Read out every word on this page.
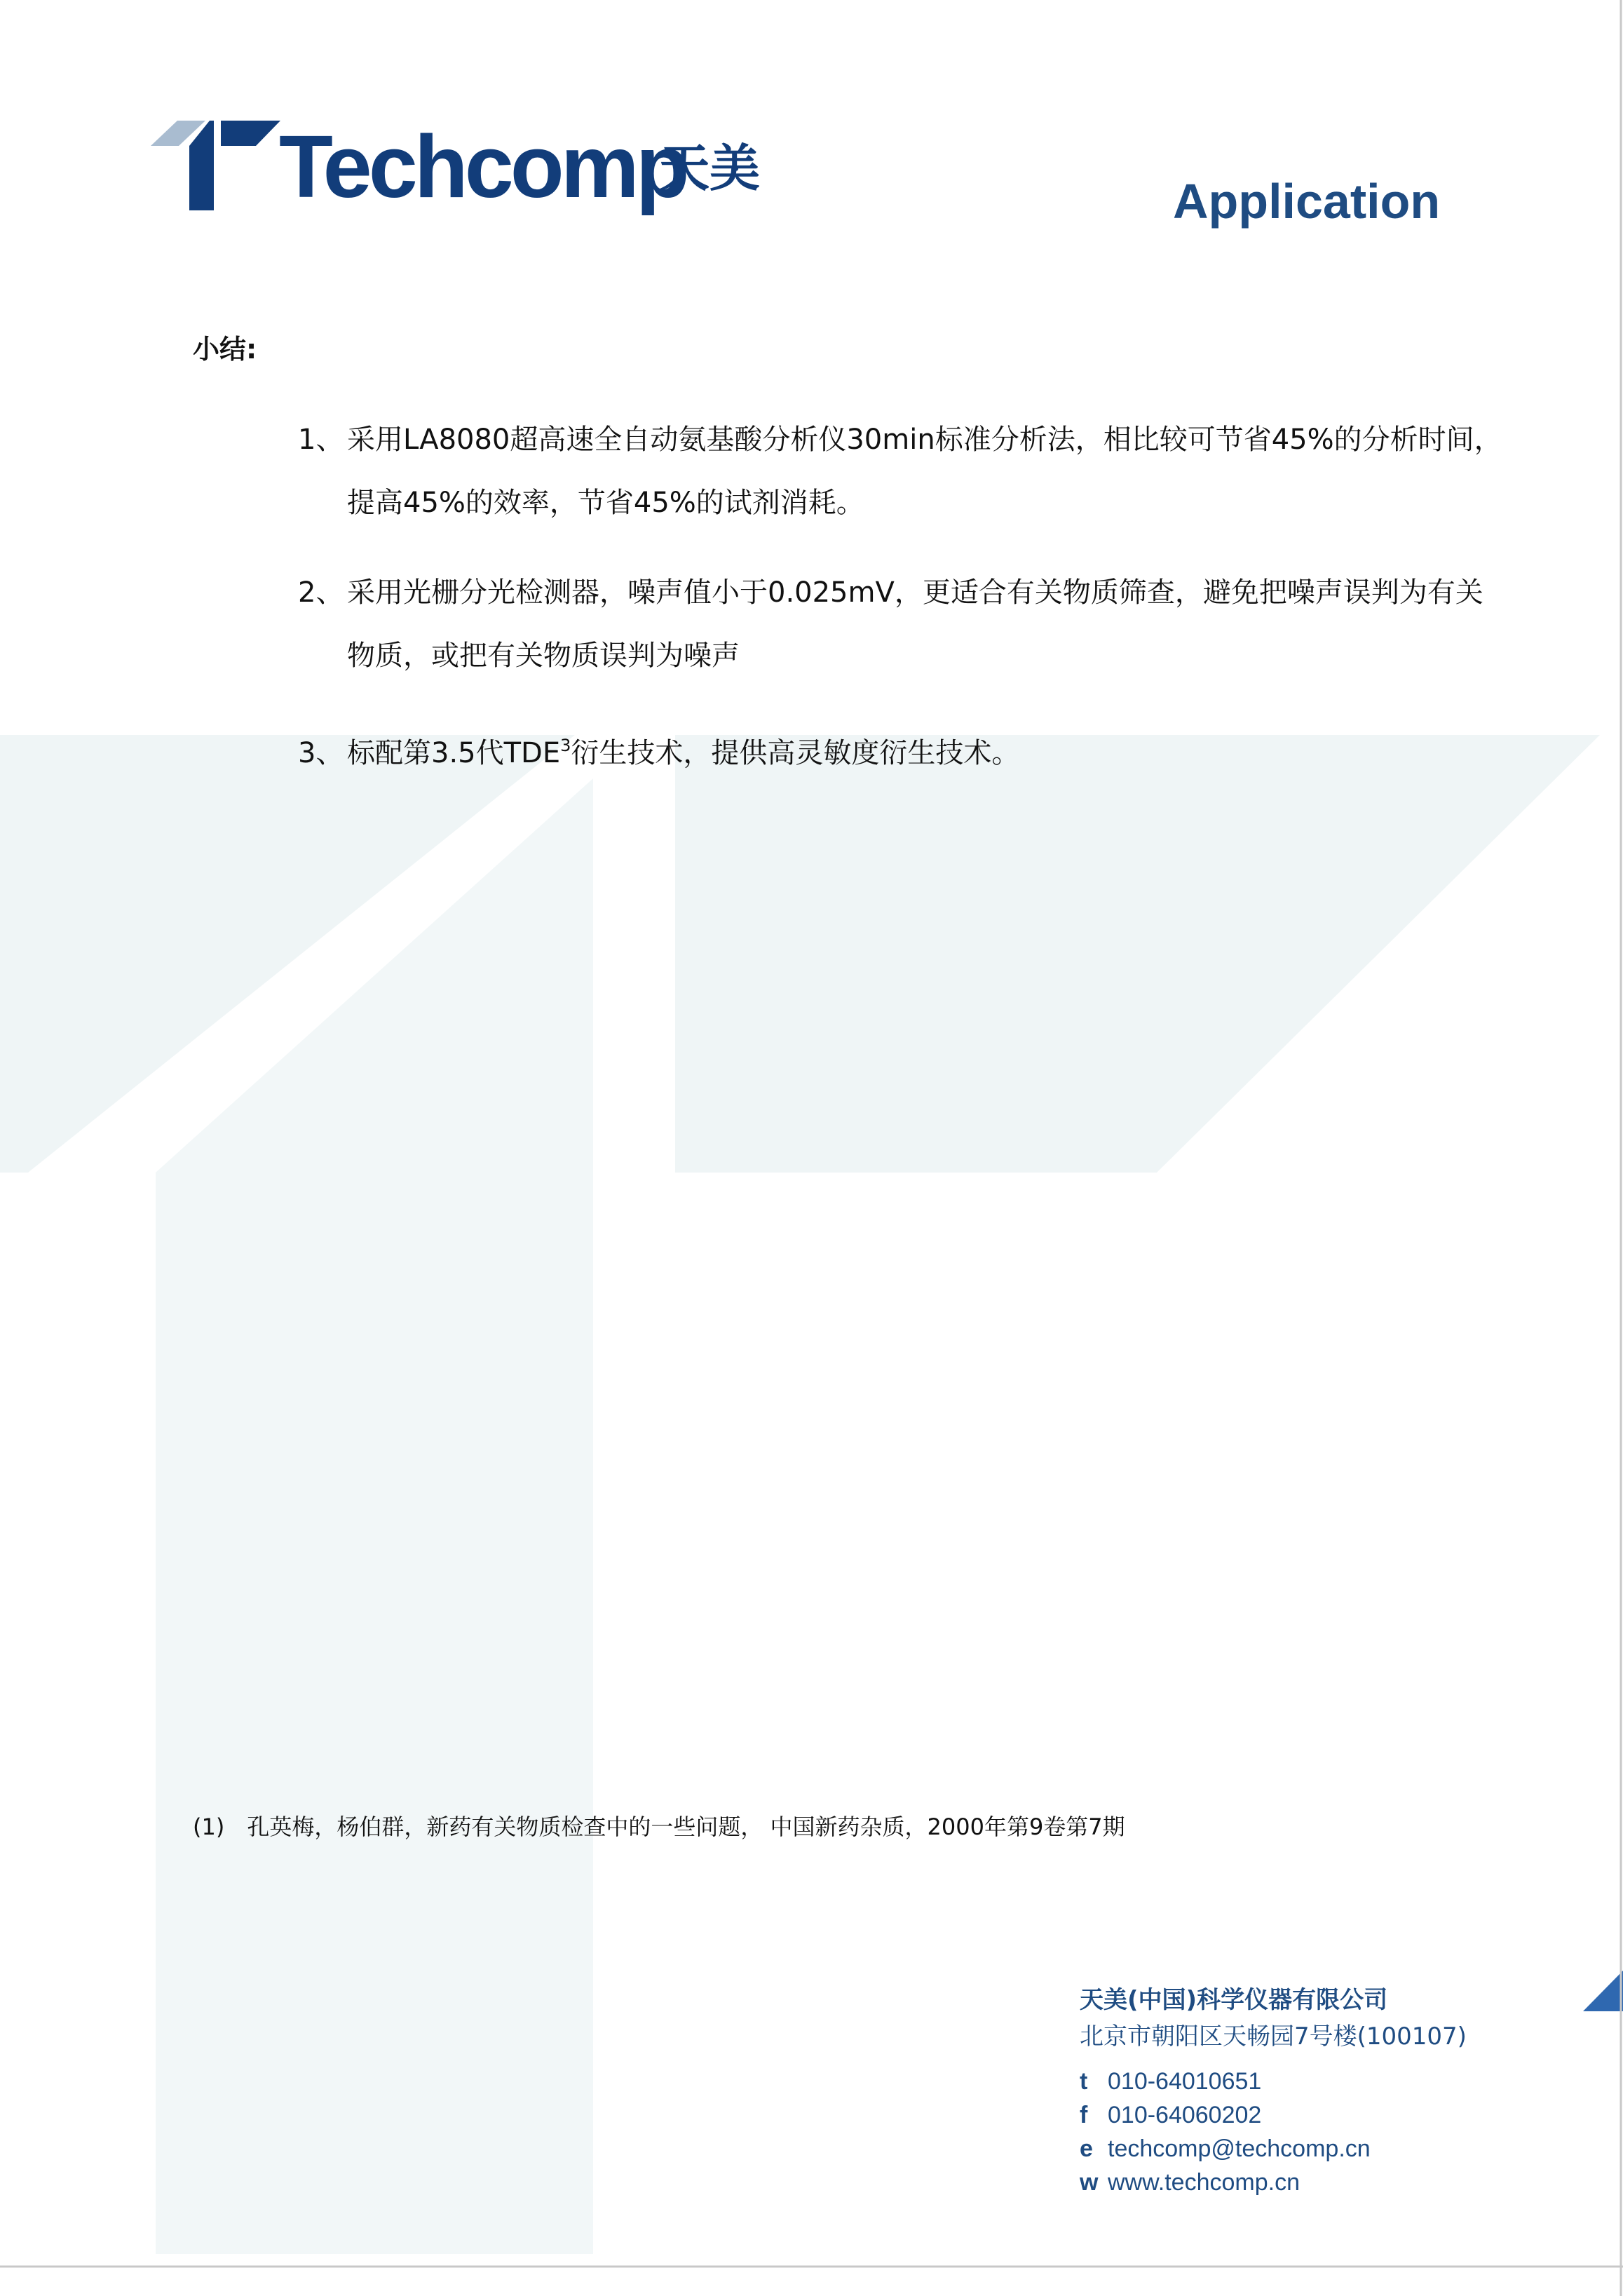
Techcomp
天美
Application
小结:
1、 采用LA8080超高速全自动氨基酸分析仪30min标准分析法，相比较可节省45%的分析时间，
提高45%的效率，节省45%的试剂消耗。
2、 采用光栅分光检测器，噪声值小于0.025mV，更适合有关物质筛查，避免把噪声误判为有关
物质，或把有关物质误判为噪声
3、 标配第3.5代TDE$^3$衍生技术，提供高灵敏度衍生技术。
(1)　孔英梅，杨伯群，新药有关物质检查中的一些问题， 中国新药杂质，2000年第9卷第7期
天美(中国)科学仪器有限公司
北京市朝阳区天畅园7号楼(100107)
t 010-64010651
f 010-64060202
e techcomp@techcomp.cn
w www.techcomp.cn
